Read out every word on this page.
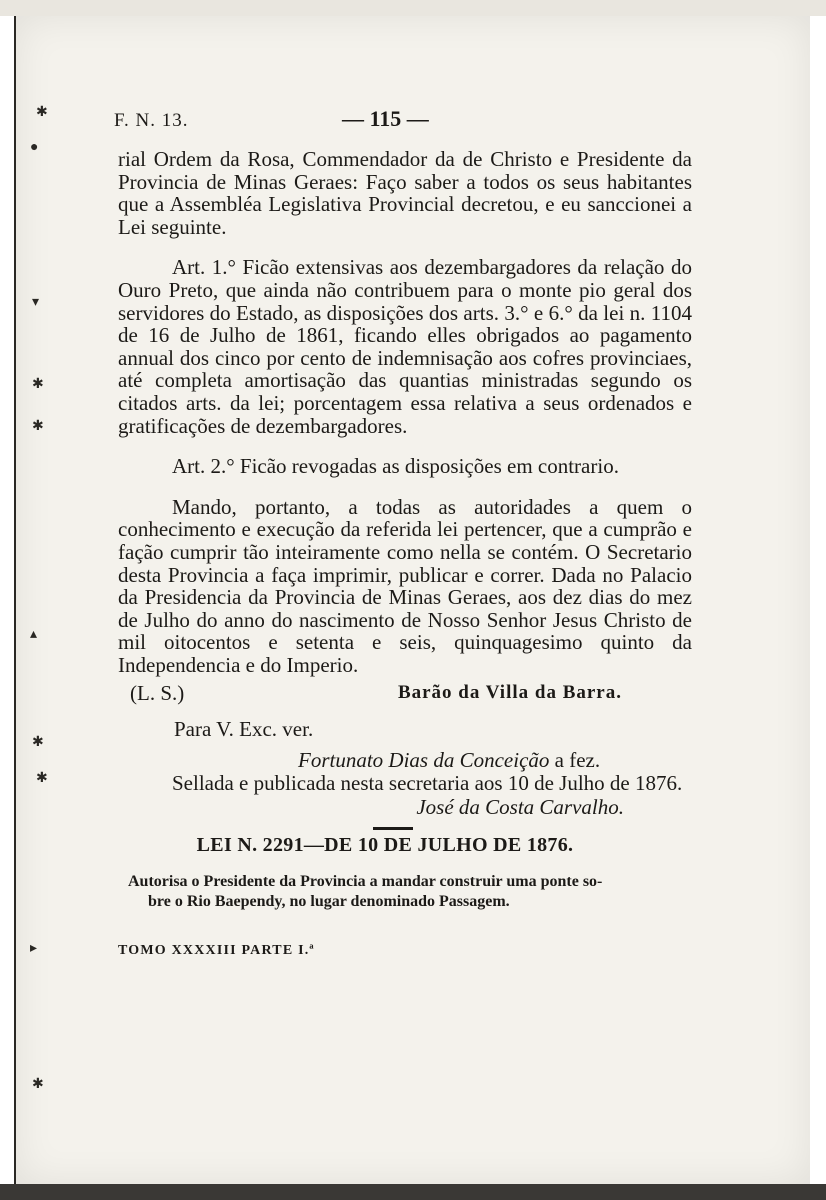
✱
●
▾
✱
✱
▴
✱
✱
▸
✱
F. N. 13.	— 115 —

rial Ordem da Rosa, Commendador da de Christo e Presidente da Provincia de Minas Geraes: Faço saber a todos os seus habitantes que a Assembléa Legislativa Provincial decretou, e eu sanccionei a Lei seguinte.

Art. 1.° Ficão extensivas aos dezembargadores da relação do Ouro Preto, que ainda não contribuem para o monte pio geral dos servidores do Estado, as disposições dos arts. 3.° e 6.° da lei n. 1104 de 16 de Julho de 1861, ficando elles obrigados ao pagamento annual dos cinco por cento de indemnisação aos cofres provinciaes, até completa amortisação das quantias ministradas segundo os citados arts. da lei; porcentagem essa relativa a seus ordenados e gratificações de dezembargadores.

Art. 2.° Ficão revogadas as disposições em contrario.

Mando, portanto, a todas as autoridades a quem o conhecimento e execução da referida lei pertencer, que a cumprão e fação cumprir tão inteiramente como nella se contém. O Secretario desta Provincia a faça imprimir, publicar e correr. Dada no Palacio da Presidencia da Provincia de Minas Geraes, aos dez dias do mez de Julho do anno do nascimento de Nosso Senhor Jesus Christo de mil oitocentos e setenta e seis, quinquagesimo quinto da Independencia e do Imperio.

(L. S.)	Barão da Villa da Barra.
Para V. Exc. ver.
Fortunato Dias da Conceição a fez.

Sellada e publicada nesta secretaria aos 10 de Julho de 1876.

José da Costa Carvalho.
LEI N. 2291—DE 10 DE JULHO DE 1876.
Autorisa o Presidente da Provincia a mandar construir uma ponte so-
bre o Rio Baependy, no lugar denominado Passagem.
TOMO XXXXIII PARTE I.ª
